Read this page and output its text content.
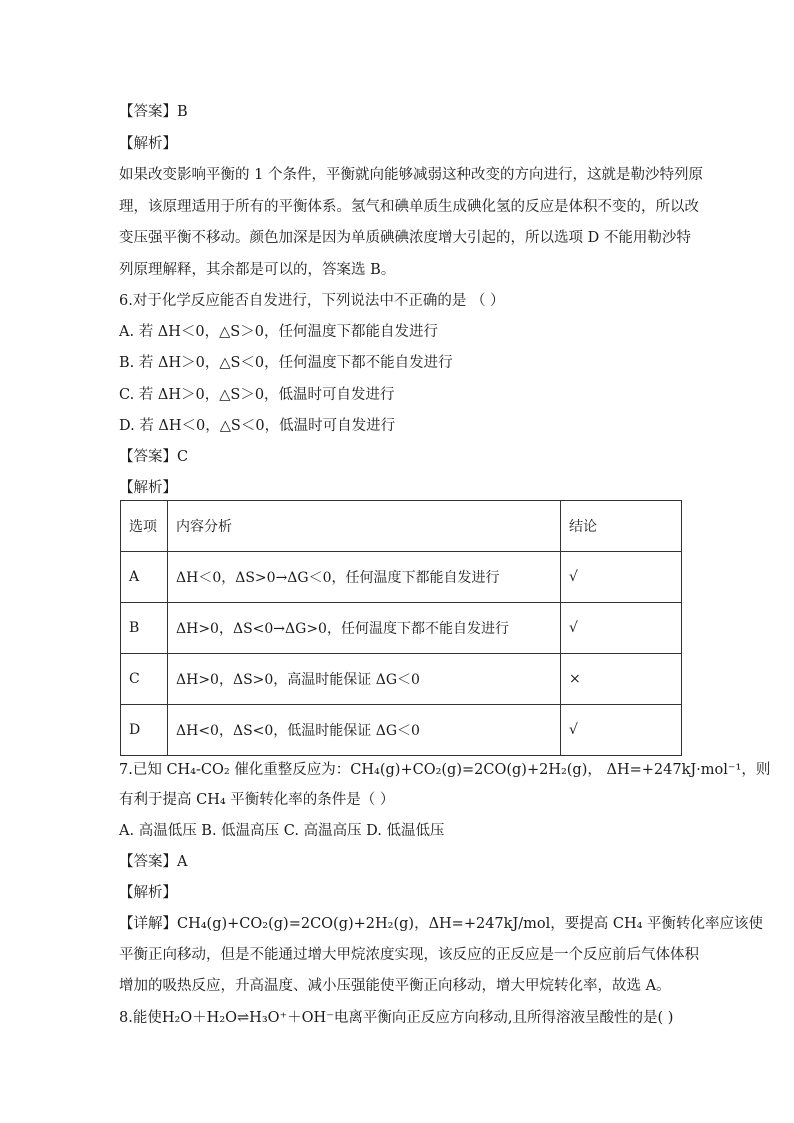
【答案】B
【解析】
如果改变影响平衡的 1 个条件，平衡就向能够减弱这种改变的方向进行，这就是勒沙特列原
理，该原理适用于所有的平衡体系。氢气和碘单质生成碘化氢的反应是体积不变的，所以改
变压强平衡不移动。颜色加深是因为单质碘碘浓度增大引起的，所以选项 D 不能用勒沙特
列原理解释，其余都是可以的，答案选 B。
6.对于化学反应能否自发进行，下列说法中不正确的是 （ ）
A. 若 ΔH＜0，△S＞0，任何温度下都能自发进行
B. 若 ΔH＞0，△S＜0，任何温度下都不能自发进行
C. 若 ΔH＞0，△S＞0，低温时可自发进行
D. 若 ΔH＜0，△S＜0，低温时可自发进行
【答案】C
【解析】
选项	内容分析	结论
A	ΔH＜0，ΔS>0→ΔG＜0，任何温度下都能自发进行	√
B	ΔH>0，ΔS<0→ΔG>0，任何温度下都不能自发进行	√
C	ΔH>0，ΔS>0，高温时能保证 ΔG＜0	×
D	ΔH<0，ΔS<0，低温时能保证 ΔG＜0	√
7.已知 CH₄-CO₂ 催化重整反应为：CH₄(g)+CO₂(g)=2CO(g)+2H₂(g)， ΔH=+247kJ·mol⁻¹，则
有利于提高 CH₄ 平衡转化率的条件是（ ）
A. 高温低压 B. 低温高压 C. 高温高压 D. 低温低压
【答案】A
【解析】
【详解】CH₄(g)+CO₂(g)=2CO(g)+2H₂(g)，ΔH=+247kJ/mol，要提高 CH₄ 平衡转化率应该使
平衡正向移动，但是不能通过增大甲烷浓度实现，该反应的正反应是一个反应前后气体体积
增加的吸热反应，升高温度、减小压强能使平衡正向移动，增大甲烷转化率，故选 A。
8.能使H₂O＋H₂O⇌H₃O⁺＋OH⁻电离平衡向正反应方向移动,且所得溶液呈酸性的是( )
